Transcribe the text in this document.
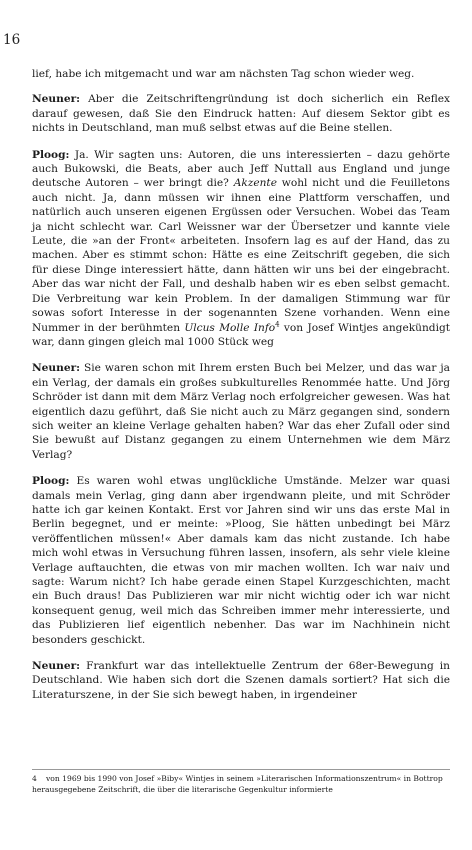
16

lief, habe ich mitgemacht und war am nächsten Tag schon wieder weg.

Neuner: Aber die Zeitschriftengründung ist doch sicherlich ein Reflex darauf gewesen, daß Sie den Eindruck hatten: Auf diesem Sektor gibt es nichts in Deutschland, man muß selbst etwas auf die Beine stellen.

Ploog: Ja. Wir sagten uns: Autoren, die uns interessierten – dazu gehörte auch Bukowski, die Beats, aber auch Jeff Nuttall aus England und junge deutsche Autoren – wer bringt die? Akzente wohl nicht und die Feuilletons auch nicht. Ja, dann müssen wir ihnen eine Plattform verschaffen, und natürlich auch unseren eigenen Ergüssen oder Versuchen. Wobei das Team ja nicht schlecht war. Carl Weissner war der Übersetzer und kannte viele Leute, die »an der Front« arbeiteten. Insofern lag es auf der Hand, das zu machen. Aber es stimmt schon: Hätte es eine Zeitschrift gegeben, die sich für diese Dinge interessiert hätte, dann hätten wir uns bei der eingebracht. Aber das war nicht der Fall, und deshalb haben wir es eben selbst gemacht. Die Verbreitung war kein Problem. In der damaligen Stimmung war für sowas sofort Interesse in der sogenannten Szene vorhanden. Wenn eine Nummer in der berühmten Ulcus Molle Info$^4$ von Josef Wintjes angekündigt war, dann gingen gleich mal 1000 Stück weg

Neuner: Sie waren schon mit Ihrem ersten Buch bei Melzer, und das war ja ein Verlag, der damals ein großes subkulturelles Renommée hatte. Und Jörg Schröder ist dann mit dem März Verlag noch erfolgreicher gewesen. Was hat eigentlich dazu geführt, daß Sie nicht auch zu März gegangen sind, sondern sich weiter an kleine Verlage gehalten haben? War das eher Zufall oder sind Sie bewußt auf Distanz gegangen zu einem Unternehmen wie dem März Verlag?

Ploog: Es waren wohl etwas unglückliche Umstände. Melzer war quasi damals mein Verlag, ging dann aber irgendwann pleite, und mit Schröder hatte ich gar keinen Kontakt. Erst vor Jahren sind wir uns das erste Mal in Berlin begegnet, und er meinte: »Ploog, Sie hätten unbedingt bei März veröffentlichen müssen!« Aber damals kam das nicht zustande. Ich habe mich wohl etwas in Versuchung führen lassen, insofern, als sehr viele kleine Verlage auftauchten, die etwas von mir machen wollten. Ich war naiv und sagte: Warum nicht? Ich habe gerade einen Stapel Kurzgeschichten, macht ein Buch draus! Das Publizieren war mir nicht wichtig oder ich war nicht konsequent genug, weil mich das Schreiben immer mehr interessierte, und das Publizieren lief eigentlich nebenher. Das war im Nachhinein nicht besonders geschickt.

Neuner: Frankfurt war das intellektuelle Zentrum der 68er-Bewegung in Deutschland. Wie haben sich dort die Szenen damals sortiert? Hat sich die Literaturszene, in der Sie sich bewegt haben, in irgendeiner

4 von 1969 bis 1990 von Josef »Biby« Wintjes in seinem »Literarischen Informationszentrum« in Bottrop herausgegebene Zeitschrift, die über die literarische Gegenkultur informierte
